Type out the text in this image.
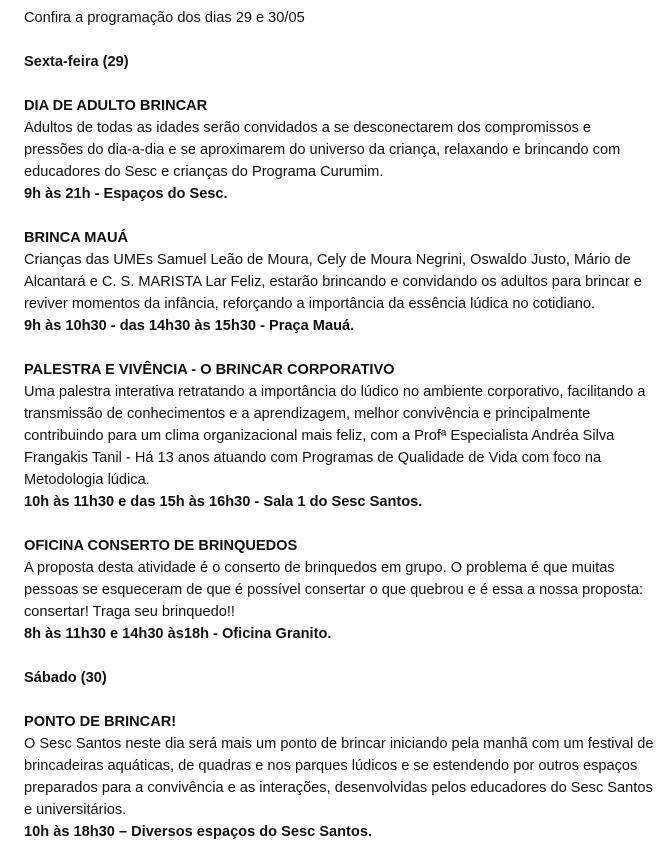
Confira a programação dos dias 29 e 30/05
Sexta-feira (29)
DIA DE ADULTO BRINCAR
Adultos de todas as idades serão convidados a se desconectarem dos compromissos e
pressões do dia-a-dia e se aproximarem do universo da criança, relaxando e brincando com
educadores do Sesc e crianças do Programa Curumim.
9h às 21h - Espaços do Sesc.
BRINCA MAUÁ
Crianças das UMEs Samuel Leão de Moura, Cely de Moura Negrini, Oswaldo Justo, Mário de
Alcantará e C. S. MARISTA Lar Feliz, estarão brincando e convidando os adultos para brincar e
reviver momentos da infância, reforçando a importância da essência lúdica no cotidiano.
9h às 10h30 - das 14h30 às 15h30 - Praça Mauá.
PALESTRA E VIVÊNCIA - O BRINCAR CORPORATIVO
Uma palestra interativa retratando a importância do lúdico no ambiente corporativo, facilitando a
transmissão de conhecimentos e a aprendizagem, melhor convivência e principalmente
contribuindo para um clima organizacional mais feliz, com a Profª Especialista Andréa Silva
Frangakis Tanil - Há 13 anos atuando com Programas de Qualidade de Vida com foco na
Metodologia lúdica.
10h às 11h30 e das 15h às 16h30 - Sala 1 do Sesc Santos.
OFICINA CONSERTO DE BRINQUEDOS
A proposta desta atividade é o conserto de brinquedos em grupo. O problema é que muitas
pessoas se esqueceram de que é possível consertar o que quebrou e é essa a nossa proposta:
consertar! Traga seu brinquedo!!
8h às 11h30 e 14h30 às18h - Oficina Granito.
Sábado (30)
PONTO DE BRINCAR!
O Sesc Santos neste dia será mais um ponto de brincar iniciando pela manhã com um festival de
brincadeiras aquáticas, de quadras e nos parques lúdicos e se estendendo por outros espaços
preparados para a convivência e as interações, desenvolvidas pelos educadores do Sesc Santos
e universitários.
10h às 18h30 – Diversos espaços do Sesc Santos.
